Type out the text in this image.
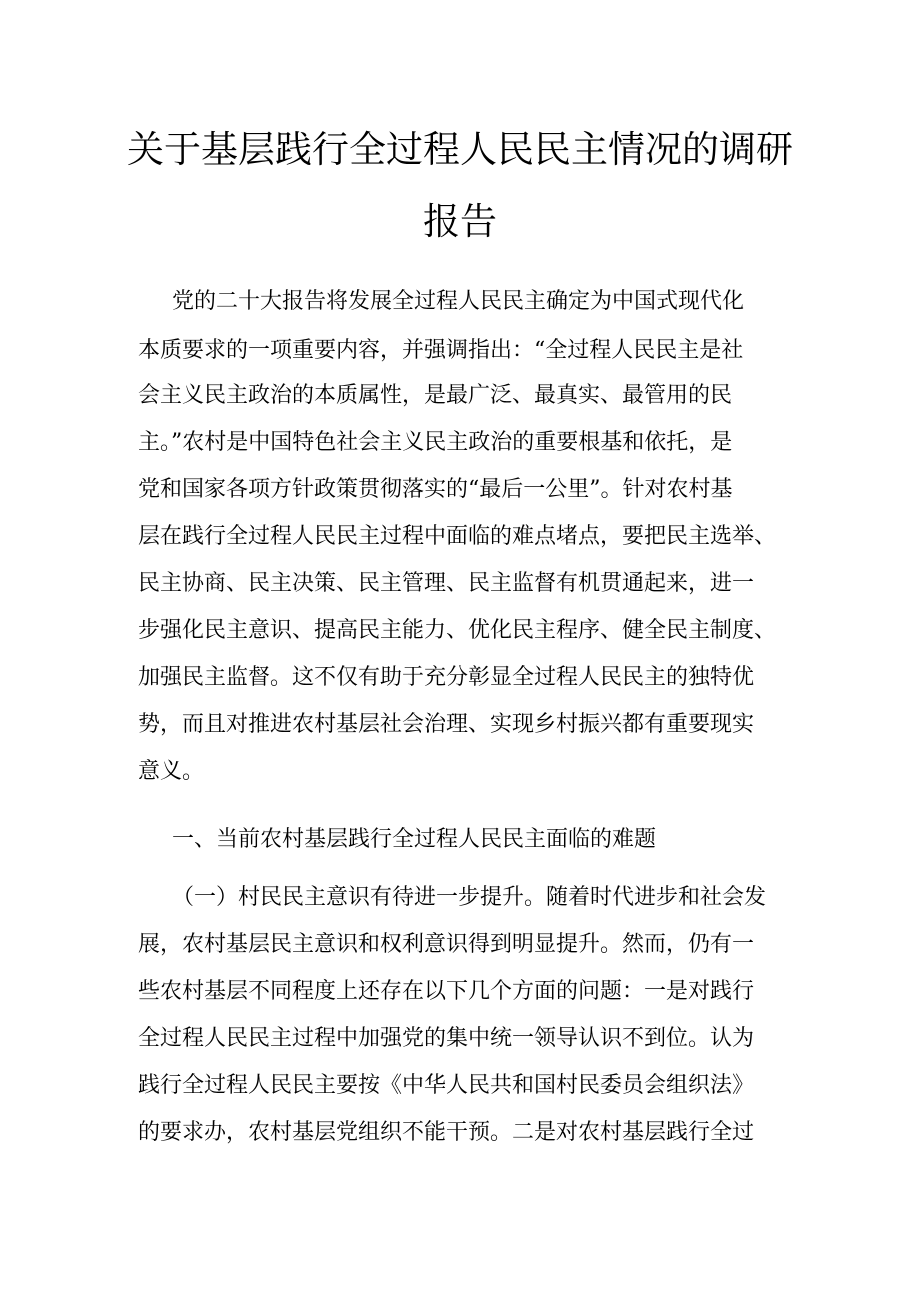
关于基层践行全过程人民民主情况的调研
报告
党的二十大报告将发展全过程人民民主确定为中国式现代化
本质要求的一项重要内容，并强调指出：“全过程人民民主是社
会主义民主政治的本质属性，是最广泛、最真实、最管用的民
主。”农村是中国特色社会主义民主政治的重要根基和依托，是
党和国家各项方针政策贯彻落实的“最后一公里”。针对农村基
层在践行全过程人民民主过程中面临的难点堵点，要把民主选举、
民主协商、民主决策、民主管理、民主监督有机贯通起来，进一
步强化民主意识、提高民主能力、优化民主程序、健全民主制度、
加强民主监督。这不仅有助于充分彰显全过程人民民主的独特优
势，而且对推进农村基层社会治理、实现乡村振兴都有重要现实
意义。
一、当前农村基层践行全过程人民民主面临的难题
（一）村民民主意识有待进一步提升。随着时代进步和社会发
展，农村基层民主意识和权利意识得到明显提升。然而，仍有一
些农村基层不同程度上还存在以下几个方面的问题：一是对践行
全过程人民民主过程中加强党的集中统一领导认识不到位。认为
践行全过程人民民主要按《中华人民共和国村民委员会组织法》
的要求办，农村基层党组织不能干预。二是对农村基层践行全过
